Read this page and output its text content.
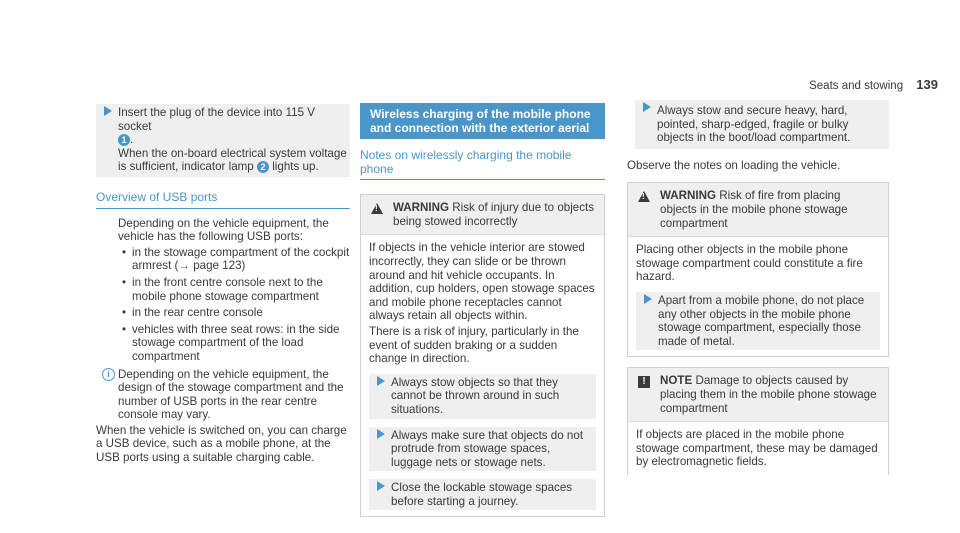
Seats and stowing 139

Insert the plug of the device into 115 V socket

1 .

When the on-board electrical system voltage is sufficient, indicator lamp 2 lights up.

Overview of USB ports

Depending on the vehicle equipment, the vehicle has the following USB ports:

• in the stowage compartment of the cockpit armrest (→ page 123)
• in the front centre console next to the mobile phone stowage compartment
• in the rear centre console
• vehicles with three seat rows: in the side stowage compartment of the load compartment
i Depending on the vehicle equipment, the design of the stowage compartment and the number of USB ports in the rear centre console may vary.

When the vehicle is switched on, you can charge a USB device, such as a mobile phone, at the USB ports using a suitable charging cable.

Wireless charging of the mobile phone and connection with the exterior aerial
Notes on wirelessly charging the mobile phone
!
WARNING Risk of injury due to objects being stowed incorrectly

If objects in the vehicle interior are stowed incorrectly, they can slide or be thrown around and hit vehicle occupants. In addition, cup holders, open stowage spaces and mobile phone receptacles cannot always retain all objects within.

There is a risk of injury, particularly in the event of sudden braking or a sudden change in direction.

Always stow objects so that they cannot be thrown around in such situations.
Always make sure that objects do not protrude from stowage spaces, luggage nets or stowage nets.
Close the lockable stowage spaces before starting a journey.
Always stow and secure heavy, hard, pointed, sharp-edged, fragile or bulky objects in the boot/load compartment.

Observe the notes on loading the vehicle.

!
WARNING Risk of fire from placing objects in the mobile phone stowage compartment

Placing other objects in the mobile phone stowage compartment could constitute a fire hazard.

Apart from a mobile phone, do not place any other objects in the mobile phone stowage compartment, especially those made of metal.
!	NOTE Damage to objects caused by placing them in the mobile phone stowage compartment

If objects are placed in the mobile phone stowage compartment, these may be damaged by electromagnetic fields.
